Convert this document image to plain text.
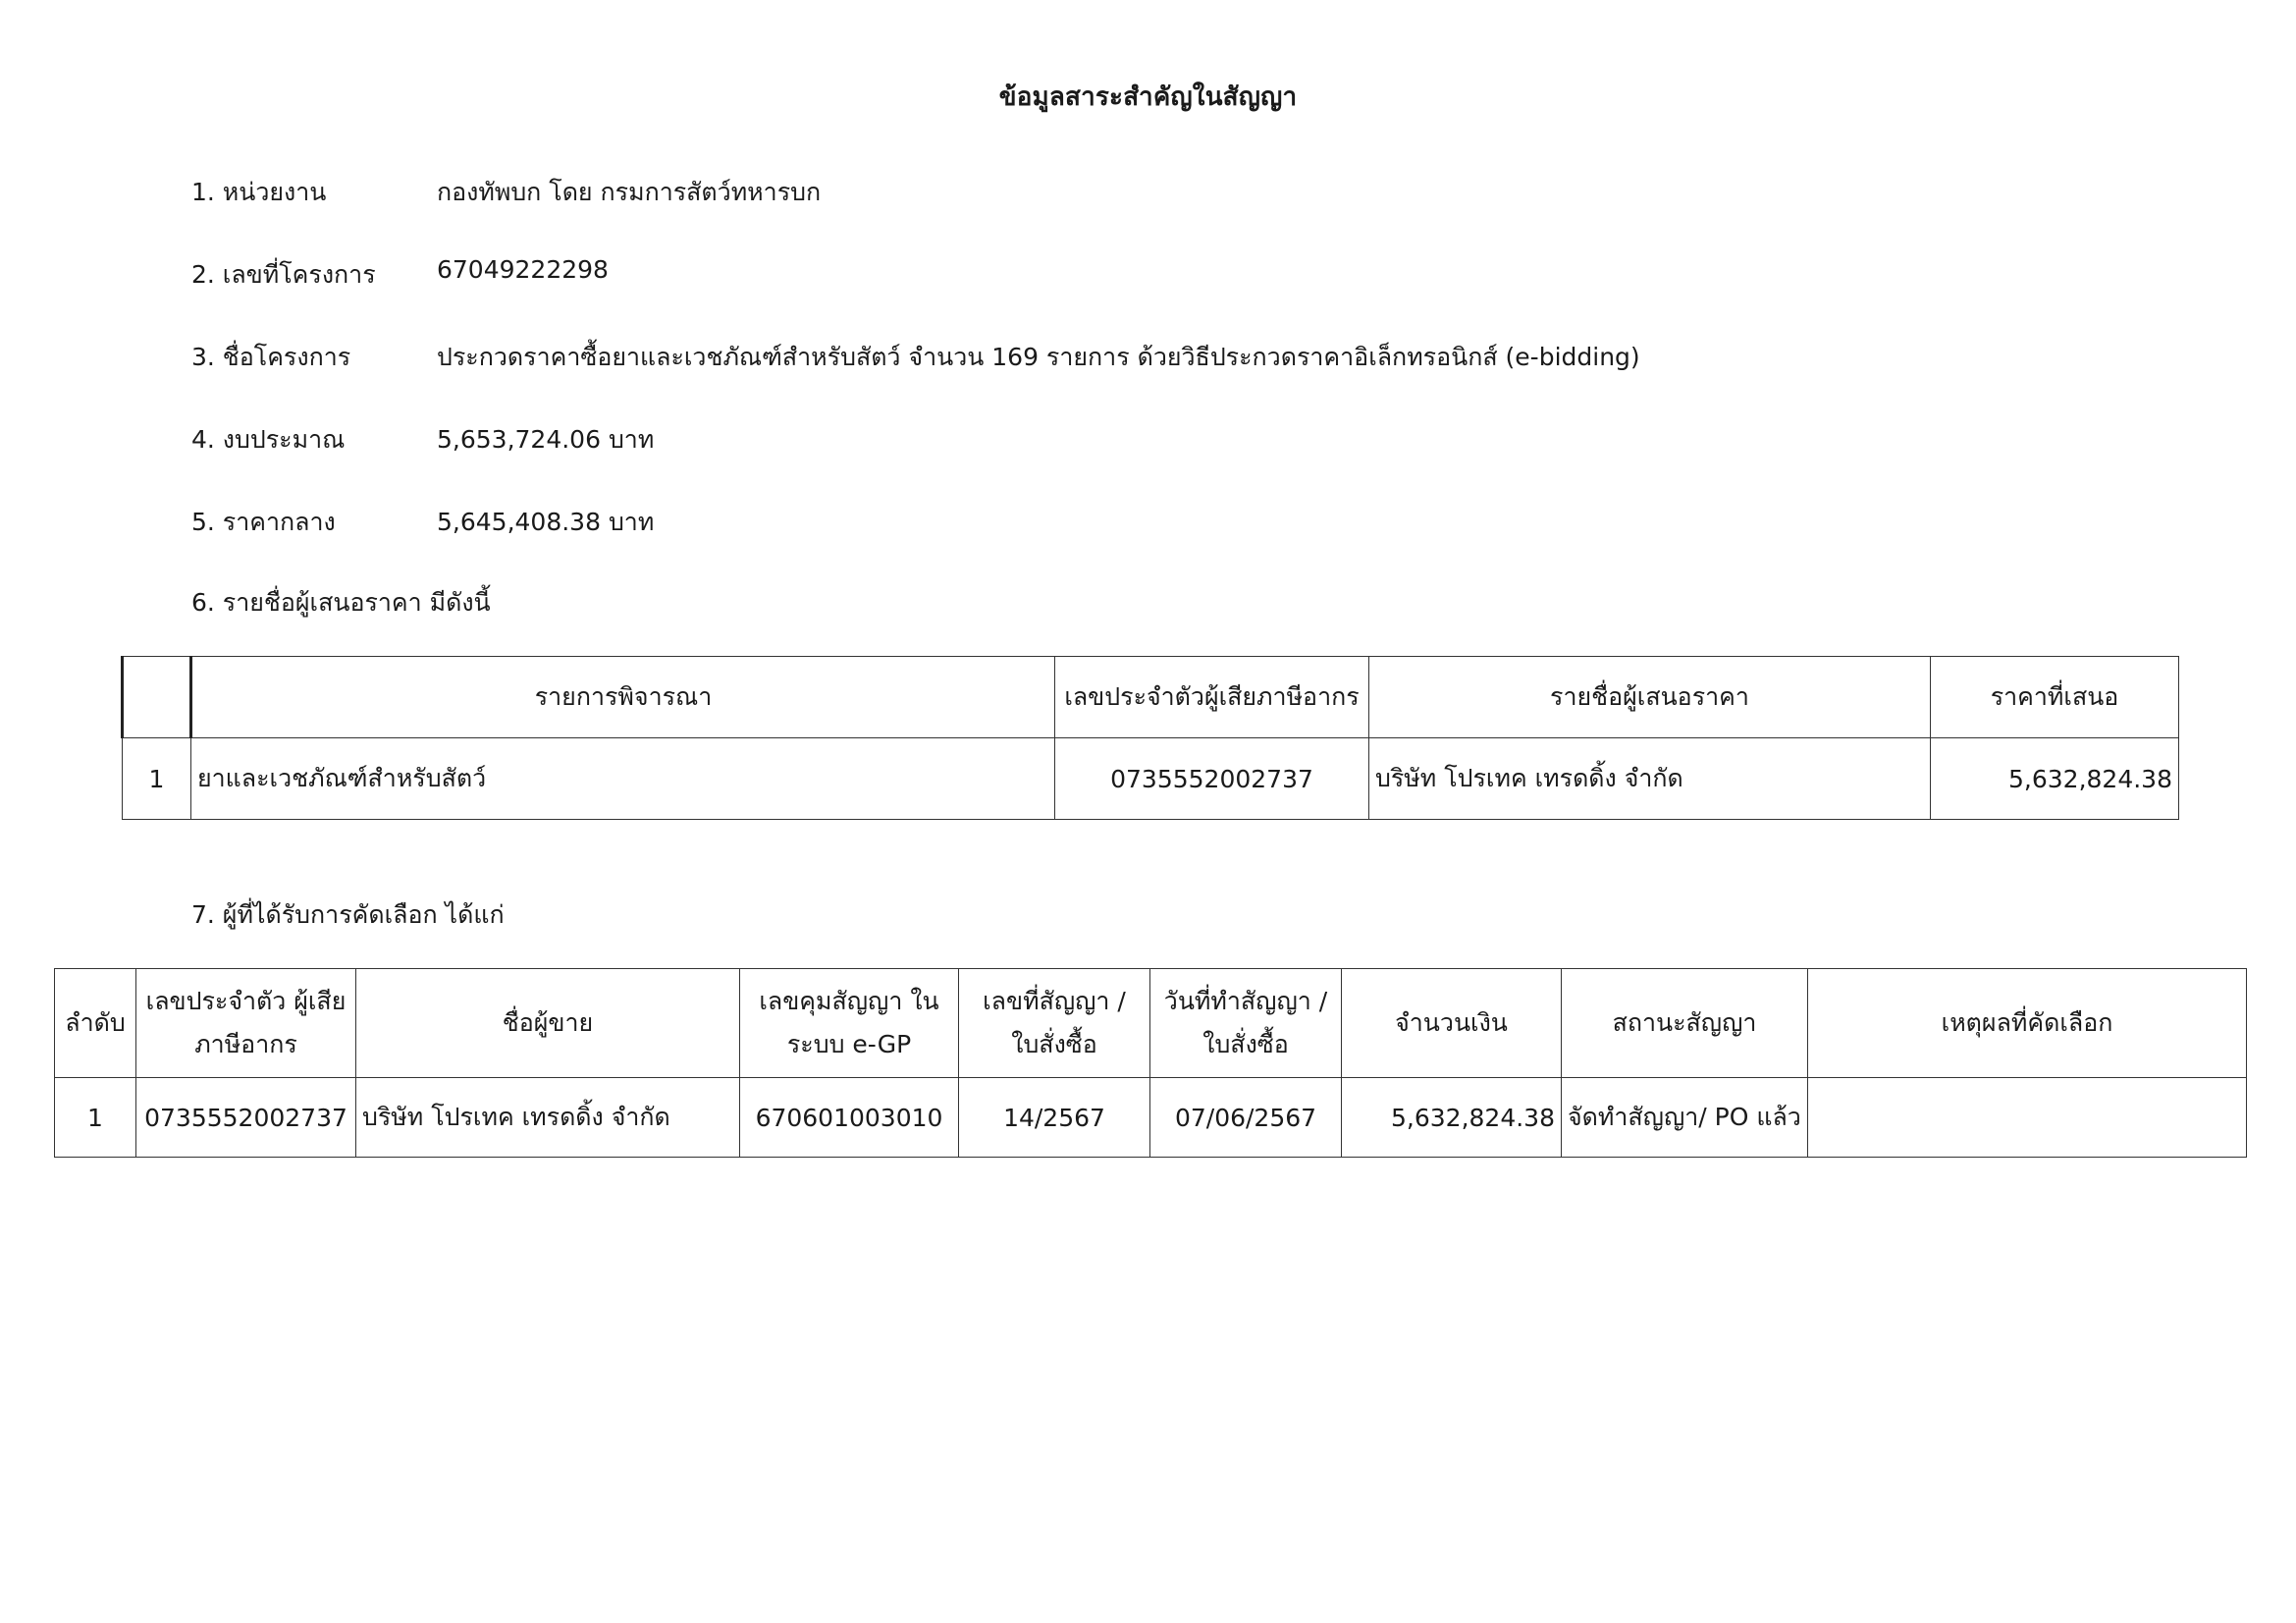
ข้อมูลสาระสำคัญในสัญญา
1. หน่วยงาน	กองทัพบก โดย กรมการสัตว์ทหารบก
2. เลขที่โครงการ 67049222298
3. ชื่อโครงการ	ประกวดราคาซื้อยาและเวชภัณฑ์สำหรับสัตว์ จำนวน 169 รายการ ด้วยวิธีประกวดราคาอิเล็กทรอนิกส์ (e-bidding)
4. งบประมาณ	5,653,724.06 บาท
5. ราคากลาง	5,645,408.38 บาท
6. รายชื่อผู้เสนอราคา มีดังนี้
	รายการพิจารณา	เลขประจำตัวผู้เสียภาษีอากร	รายชื่อผู้เสนอราคา	ราคาที่เสนอ
1	ยาและเวชภัณฑ์สำหรับสัตว์	0735552002737	บริษัท โปรเทค เทรดดิ้ง จำกัด	5,632,824.38
7. ผู้ที่ได้รับการคัดเลือก ได้แก่
ลำดับ	เลขประจำตัว ผู้เสียภาษีอากร	ชื่อผู้ขาย	เลขคุมสัญญา ในระบบ e-GP	เลขที่สัญญา / ใบสั่งซื้อ	วันที่ทำสัญญา / ใบสั่งซื้อ	จำนวนเงิน	สถานะสัญญา	เหตุผลที่คัดเลือก
1	0735552002737	บริษัท โปรเทค เทรดดิ้ง จำกัด	670601003010	14/2567	07/06/2567	5,632,824.38	จัดทำสัญญา/ PO แล้ว	
